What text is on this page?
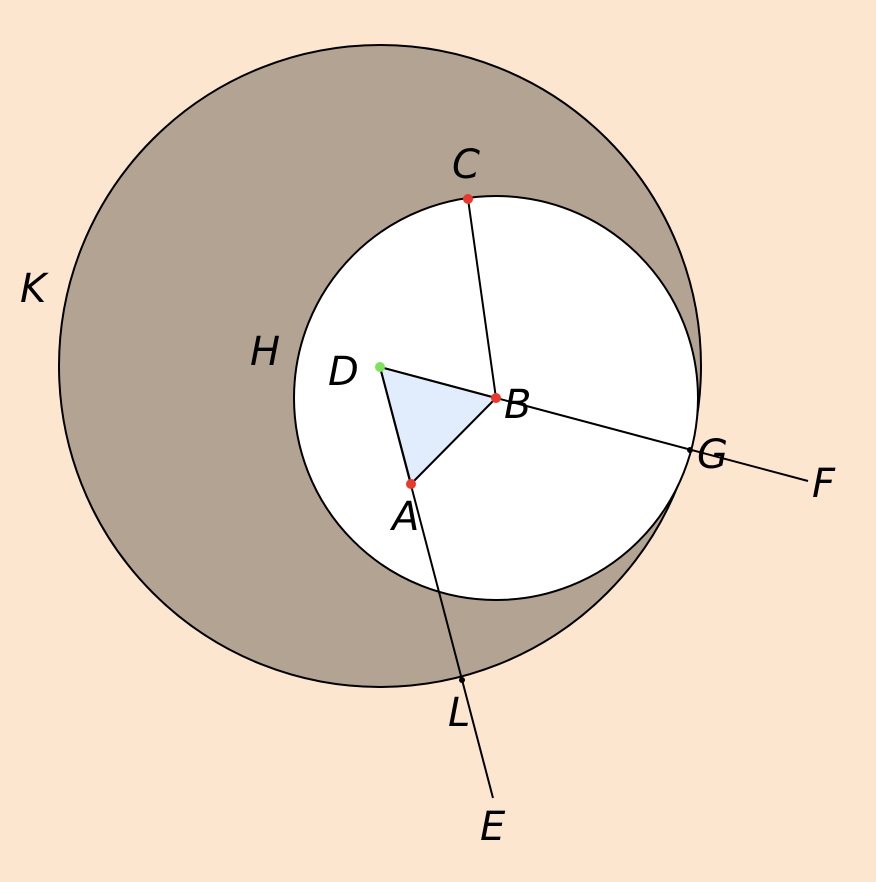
C
K
H D
B
G
F
A
L
E
